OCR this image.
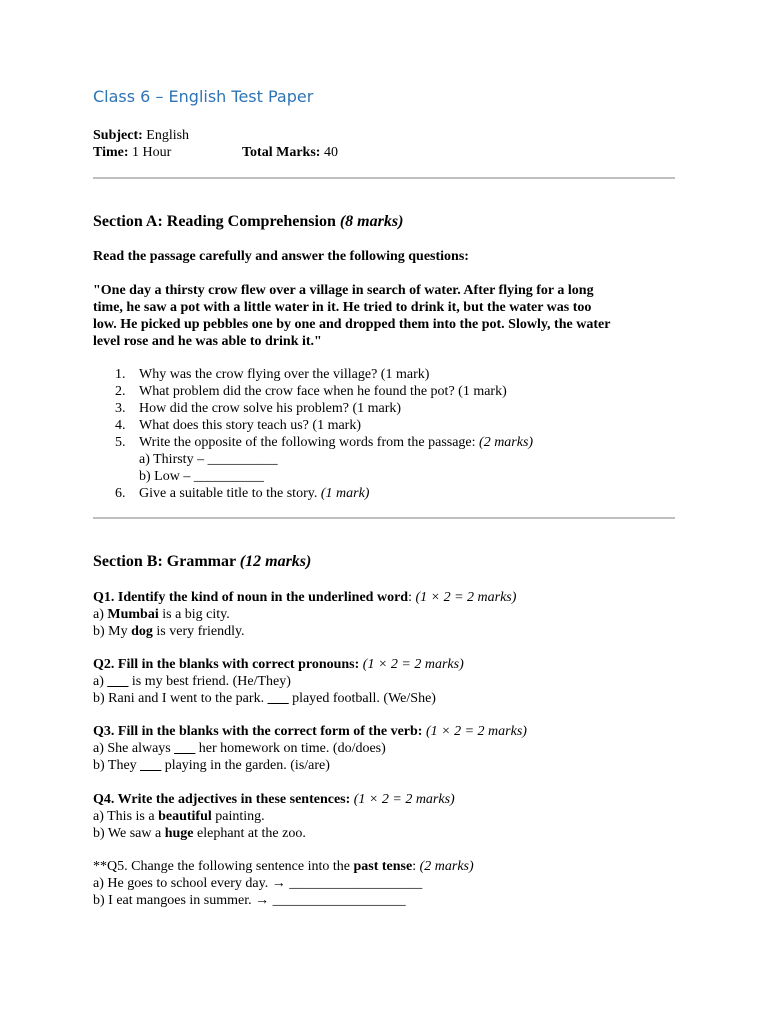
Class 6 – English Test Paper
Subject: English
Time: 1 Hour	Total Marks: 40
Section A: Reading Comprehension (8 marks)
Read the passage carefully and answer the following questions:
"One day a thirsty crow flew over a village in search of water. After flying for a long
time, he saw a pot with a little water in it. He tried to drink it, but the water was too
low. He picked up pebbles one by one and dropped them into the pot. Slowly, the water
level rose and he was able to drink it."
1. Why was the crow flying over the village? (1 mark)
2. What problem did the crow face when he found the pot? (1 mark)
3. How did the crow solve his problem? (1 mark)
4. What does this story teach us? (1 mark)
5. Write the opposite of the following words from the passage: (2 marks)
a) Thirsty – __________
b) Low – __________
6. Give a suitable title to the story. (1 mark)
Section B: Grammar (12 marks)
Q1. Identify the kind of noun in the underlined word: (1 × 2 = 2 marks)
a) Mumbai is a big city.
b) My dog is very friendly.
Q2. Fill in the blanks with correct pronouns: (1 × 2 = 2 marks)
a) ___ is my best friend. (He/They)
b) Rani and I went to the park. ___ played football. (We/She)
Q3. Fill in the blanks with the correct form of the verb: (1 × 2 = 2 marks)
a) She always ___ her homework on time. (do/does)
b) They ___ playing in the garden. (is/are)
Q4. Write the adjectives in these sentences: (1 × 2 = 2 marks)
a) This is a beautiful painting.
b) We saw a huge elephant at the zoo.
**Q5. Change the following sentence into the past tense: (2 marks)
a) He goes to school every day. → ___________________
b) I eat mangoes in summer. → ___________________
